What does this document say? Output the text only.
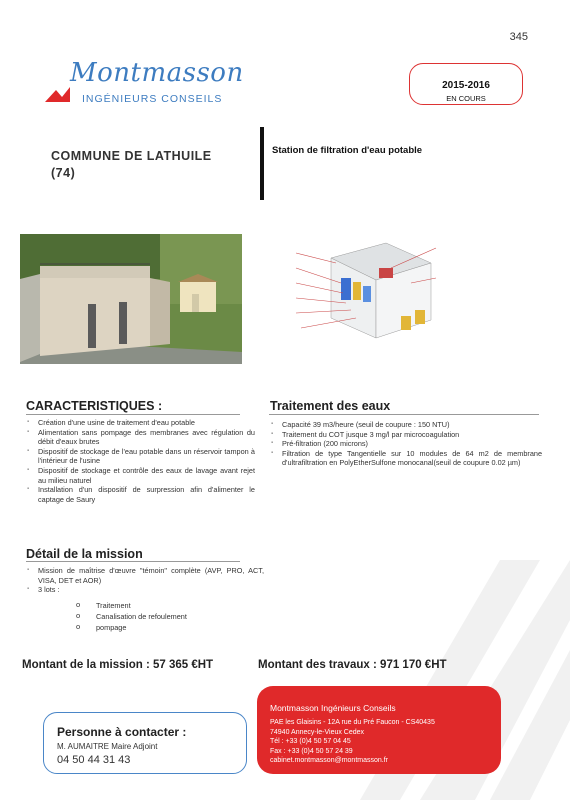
345
Montmasson
INGÉNIEURS CONSEILS
2015-2016
EN COURS
COMMUNE DE LATHUILE
(74)
Station de filtration d'eau potable
CARACTERISTIQUES :
▪ Création d'une usine de traitement d'eau potable
▪ Alimentation sans pompage des membranes avec régulation du débit d'eaux brutes
▪ Dispositif de stockage de l'eau potable dans un réservoir tampon à l'intérieur de l'usine
▪ Dispositif de stockage et contrôle des eaux de lavage avant rejet au milieu naturel
▪ Installation d'un dispositif de surpression afin d'alimenter le captage de Saury
Traitement des eaux
▪ Capacité 39 m3/heure (seuil de coupure : 150 NTU)
▪ Traitement du COT jusque 3 mg/l par microcoagulation
▪ Pré-filtration (200 microns)
▪ Filtration de type Tangentielle sur 10 modules de 64 m2 de membrane d'ultrafiltration en PolyEtherSulfone monocanal(seuil de coupure 0.02 µm)
Détail de la mission
▪ Mission de maîtrise d'œuvre "témoin" complète (AVP, PRO, ACT, VISA, DET et AOR)
▪ 3 lots :
o Traitement
o Canalisation de refoulement
o pompage
Montant de la mission : 57 365 €HT	Montant des travaux : 971 170 €HT
Personne à contacter :
M. AUMAITRE Maire Adjoint
04 50 44 31 43
Montmasson Ingénieurs Conseils
PAE les Glaisins - 12A rue du Pré Faucon - CS40435
74940 Annecy-le-Vieux Cedex
Tél : +33 (0)4 50 57 04 45
Fax : +33 (0)4 50 57 24 39
cabinet.montmasson@montmasson.fr
